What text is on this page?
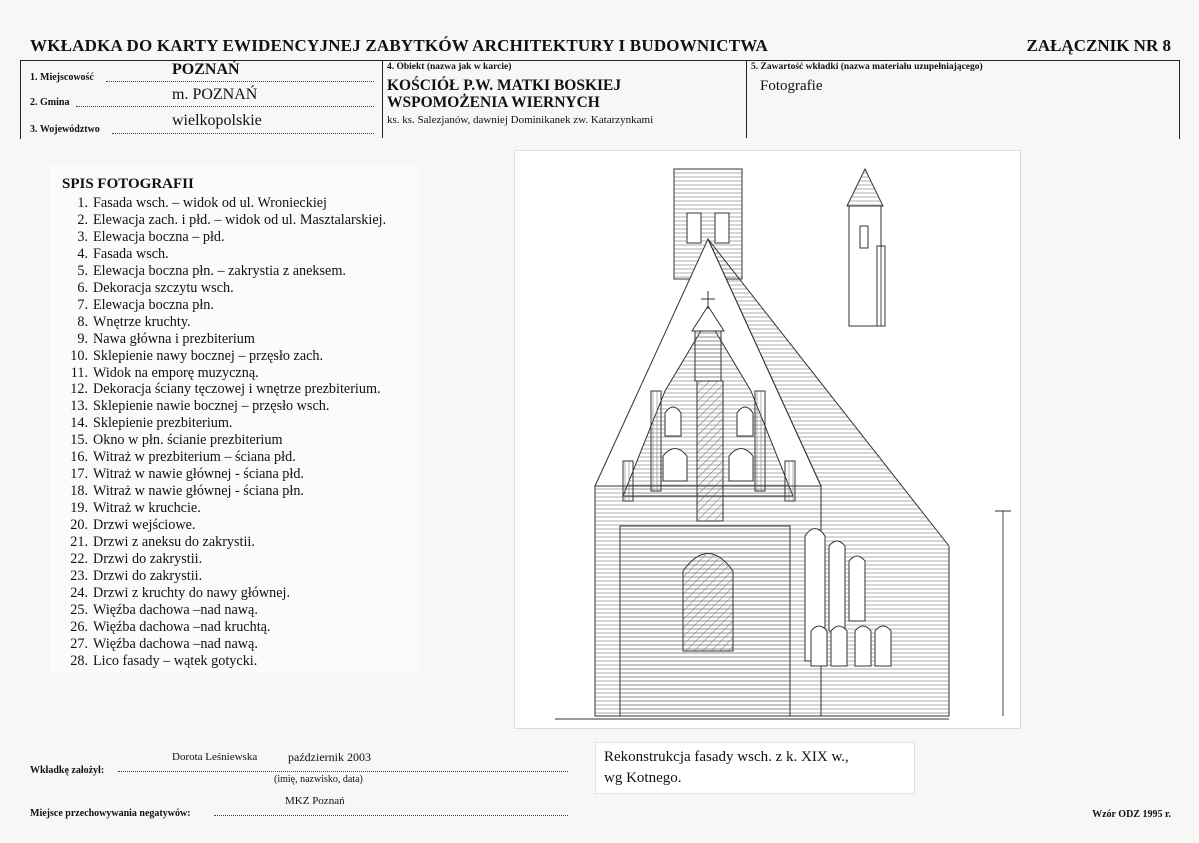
WKŁADKA DO KARTY EWIDENCYJNEJ ZABYTKÓW ARCHITEKTURY I BUDOWNICTWA	ZAŁĄCZNIK NR 8
1. Miejscowość	POZNAŃ
2. Gmina	m. POZNAŃ
3. Województwo
wielkopolskie
4. Obiekt (nazwa jak w karcie)
KOŚCIÓŁ P.W. MATKI BOSKIEJ
WSPOMOŻENIA WIERNYCH
ks. ks. Salezjanów, dawniej Dominikanek zw. Katarzynkami
5. Zawartość wkładki (nazwa materiału uzupełniającego)
Fotografie
SPIS FOTOGRAFII
1. Fasada wsch. – widok od ul. Wronieckiej
2. Elewacja zach. i płd. – widok od ul. Masztalarskiej.
3. Elewacja boczna – płd.
4. Fasada wsch.
5. Elewacja boczna płn. – zakrystia z aneksem.
6. Dekoracja szczytu wsch.
7. Elewacja boczna płn.
8. Wnętrze kruchty.
9. Nawa główna i prezbiterium
10. Sklepienie nawy bocznej – przęsło zach.
11. Widok na emporę muzyczną.
12. Dekoracja ściany tęczowej i wnętrze prezbiterium.
13. Sklepienie nawie bocznej – przęsło wsch.
14. Sklepienie prezbiterium.
15. Okno w płn. ścianie prezbiterium
16. Witraż w prezbiterium – ściana płd.
17. Witraż w nawie głównej - ściana płd.
18. Witraż w nawie głównej - ściana płn.
19. Witraż w kruchcie.
20. Drzwi wejściowe.
21. Drzwi z aneksu do zakrystii.
22. Drzwi do zakrystii.
23. Drzwi do zakrystii.
24. Drzwi z kruchty do nawy głównej.
25. Więźba dachowa –nad nawą.
26. Więźba dachowa –nad kruchtą.
27. Więźba dachowa –nad nawą.
28. Lico fasady – wątek gotycki.
Rekonstrukcja fasady wsch. z k. XIX w.,
wg Kotnego.
Wkładkę założył:
Dorota Leśniewska	październik 2003
(imię, nazwisko, data)
Miejsce przechowywania negatywów:
MKZ Poznań
Wzór ODZ 1995 r.
